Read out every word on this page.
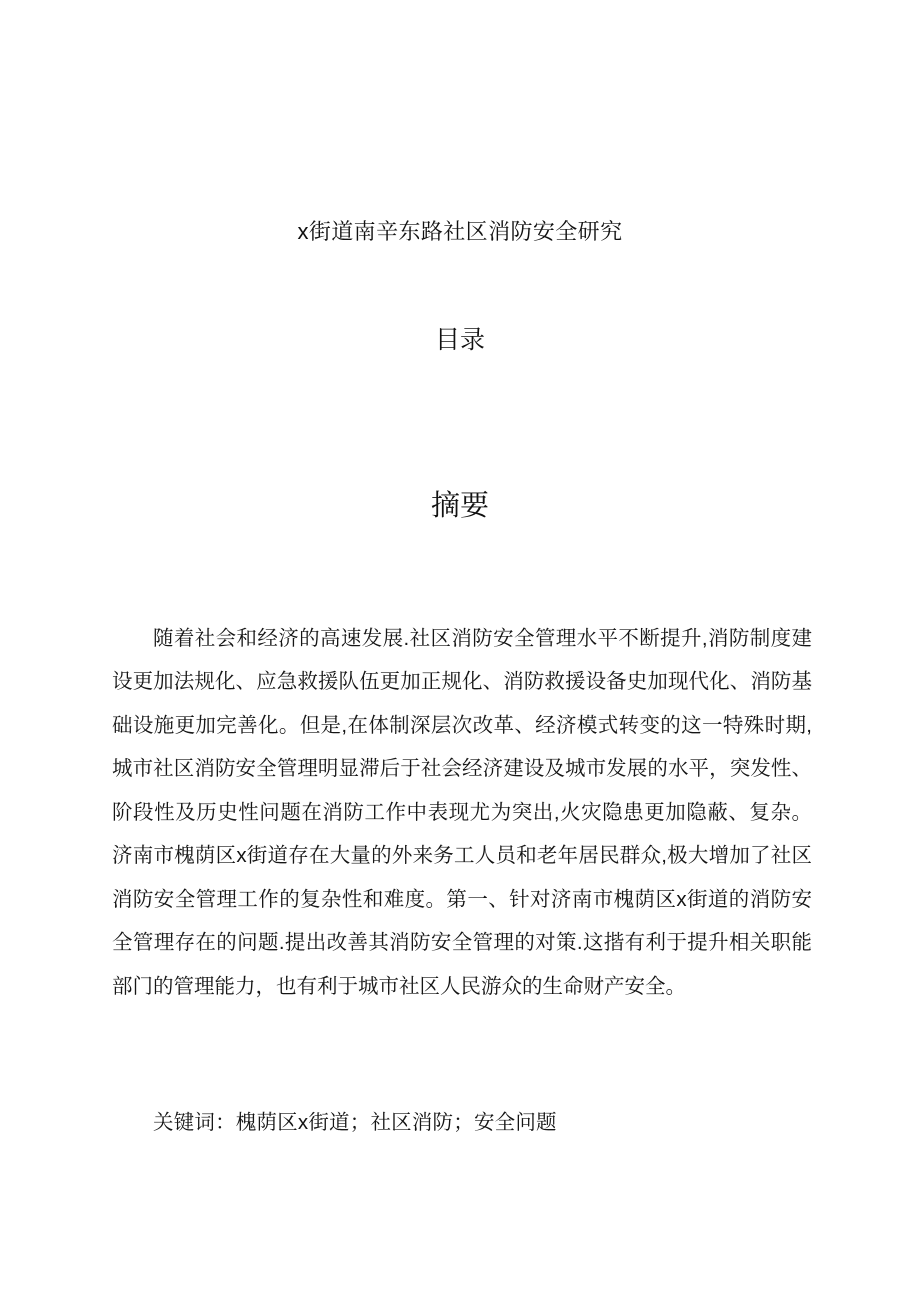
x街道南辛东路社区消防安全研究
目录
摘要

随着社会和经济的高速发展.社区消防安全管理水平不断提升,消防制度建设更加法规化、应急救援队伍更加正规化、消防救援设备史加现代化、消防基础设施更加完善化。但是,在体制深层次改革、经济模式转变的这一特殊时期,城市社区消防安全管理明显滞后于社会经济建设及城市发展的水平，突发性、阶段性及历史性问题在消防工作中表现尤为突出,火灾隐患更加隐蔽、复杂。济南市槐荫区x街道存在大量的外来务工人员和老年居民群众,极大增加了社区消防安全管理工作的复杂性和难度。第一、针对济南市槐荫区x街道的消防安全管理存在的问题.提出改善其消防安全管理的对策.这揩有利于提升相关职能部门的管理能力，也有利于城市社区人民游众的生命财产安全。

关键词：槐荫区x街道；社区消防；安全问题
